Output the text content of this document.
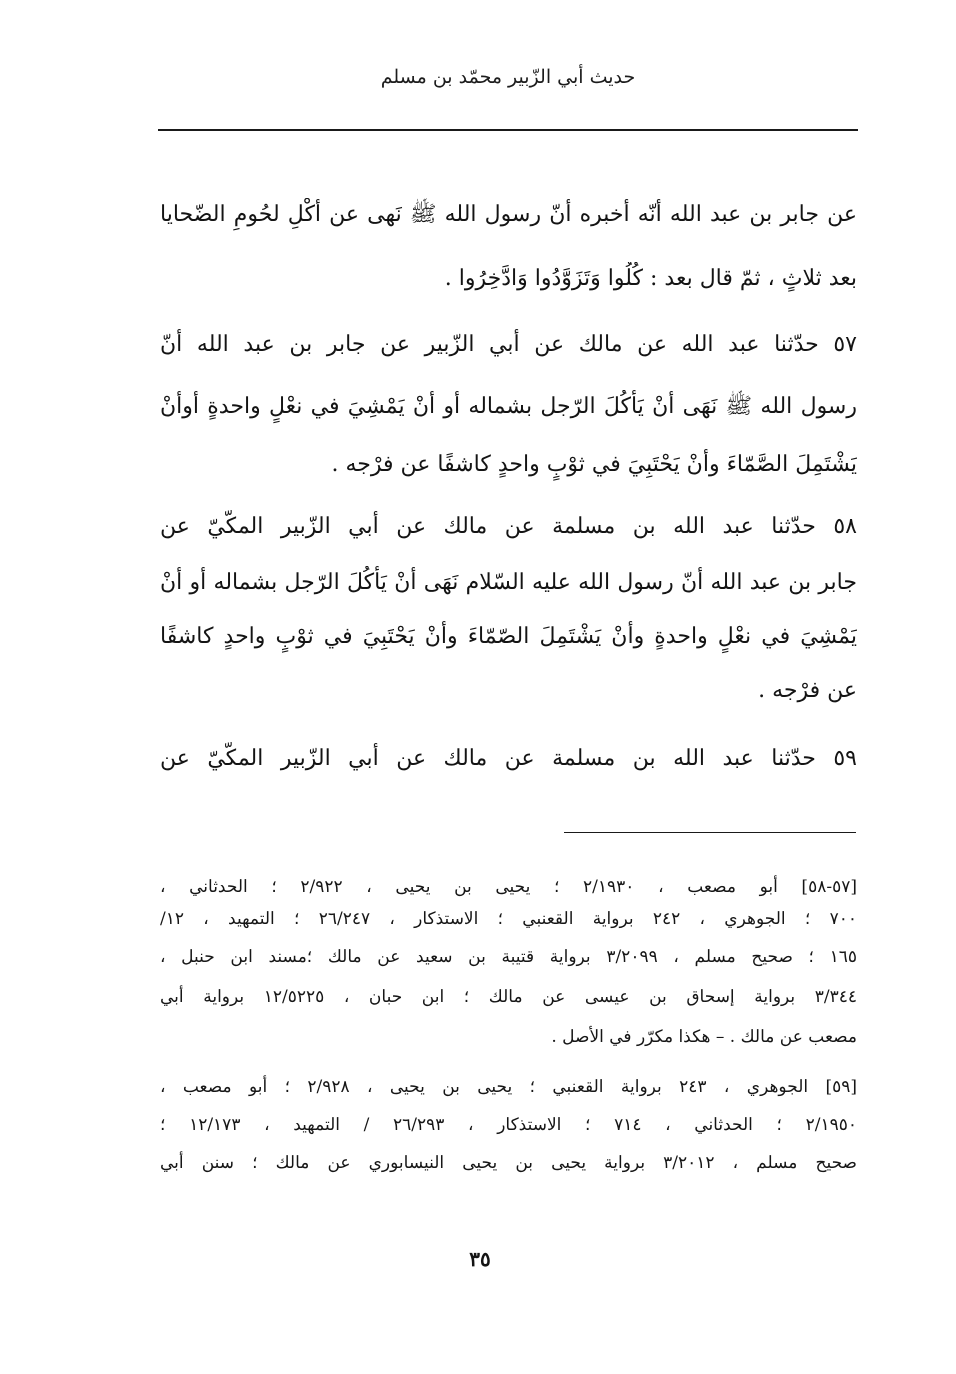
حديث أبي الزّبير محمّد بن مسلم
عن جابر بن عبد الله أنّه أخبره أنّ رسول الله ﷺ نَهى عن أكْلِ لحُومِ الضّحايا
بعد ثلاثٍ ، ثمّ قال بعد : كُلُوا وَتَزَوَّدُوا وَادَّخِرُوا .
٥٧ حدّثنا عبد الله عن مالك عن أبي الزّبير عن جابر بن عبد الله أنّ
رسول الله ﷺ نَهَى أنْ يَأْكُلَ الرّجل بشماله أو أنْ يَمْشِيَ في نعْلٍ واحدةٍ أوأنْ
يَشْتَمِلَ الصَّمّاءَ وأنْ يَحْتَبِيَ في ثوْبٍ واحدٍ كاشفًا عن فرْجه .
٥٨ حدّثنا عبد الله بن مسلمة عن مالك عن أبي الزّبير المكّيّ عن
جابر بن عبد الله أنّ رسول الله عليه السّلام نَهَى أنْ يَأْكُلَ الرّجل بشماله أو أنْ
يَمْشِيَ في نعْلٍ واحدةٍ وأنْ يَشْتَمِلَ الصّمّاءَ وأنْ يَحْتَبِيَ في ثوْبٍ واحدٍ كاشفًا
عن فرْجه .
٥٩ حدّثنا عبد الله بن مسلمة عن مالك عن أبي الزّبير المكّيّ عن
[٥٧-٥٨] أبو مصعب ، ٢/١٩٣٠ ؛ يحيى بن يحيى ، ٢/٩٢٢ ؛ الحدثاني ،
٧٠٠ ؛ الجوهري ، ٢٤٢ برواية القعنبي ؛ الاستذكار ، ٢٦/٢٤٧ ؛ التمهيد ، ١٢/
١٦٥ ؛ صحيح مسلم ، ٣/٢٠٩٩ برواية قتيبة بن سعيد عن مالك ؛مسند ابن حنبل ،
٣/٣٤٤ برواية إسحاق بن عيسى عن مالك ؛ ابن حبان ، ١٢/٥٢٢٥ برواية أبي
مصعب عن مالك . – هكذا مكرّر في الأصل .
[٥٩] الجوهري ، ٢٤٣ برواية القعنبي ؛ يحيى بن يحيى ، ٢/٩٢٨ ؛ أبو مصعب ،
٢/١٩٥٠ ؛ الحدثاني ، ٧١٤ ؛ الاستذكار ، ٢٦/٢٩٣ / التمهيد ، ١٢/١٧٣ ؛
صحيح مسلم ، ٣/٢٠١٢ برواية يحيى بن يحيى النيسابوري عن مالك ؛ سنن أبي
٣٥
